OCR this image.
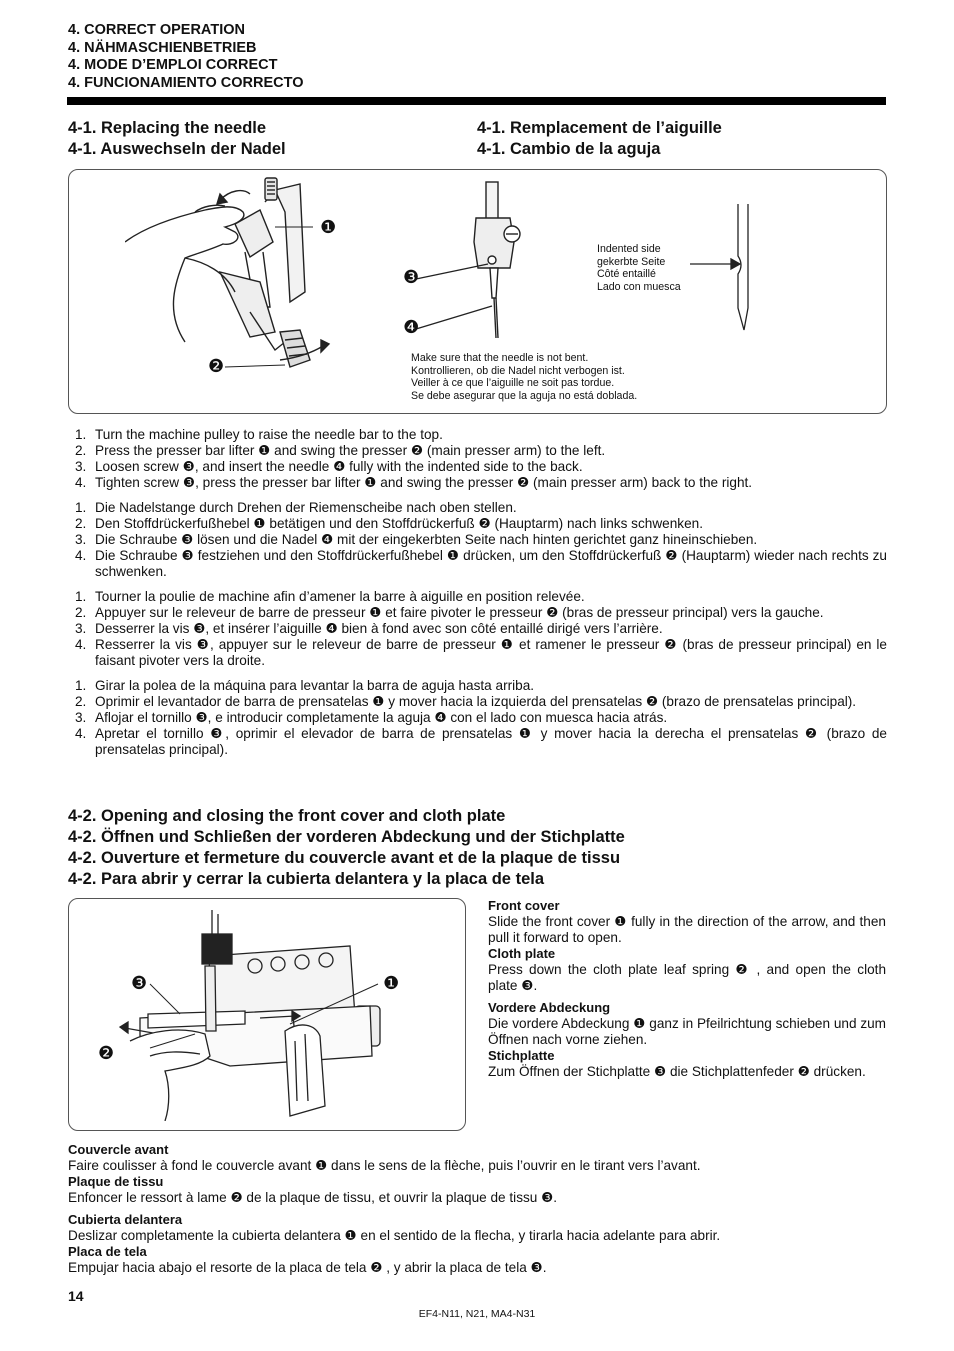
4. CORRECT OPERATION
4. NÄHMASCHIENBETRIEB
4. MODE D’EMPLOI CORRECT
4. FUNCIONAMIENTO CORRECTO
4-1. Replacing the needle
4-1. Auswechseln der Nadel
4-1. Remplacement de l’aiguille
4-1. Cambio de la aguja
❶
❷
❸
❹
Indented side
gekerbte Seite
Côté entaillé
Lado con muesca
Make sure that the needle is not bent.
Kontrollieren, ob die Nadel nicht verbogen ist.
Veiller à ce que l’aiguille ne soit pas tordue.
Se debe asegurar que la aguja no está doblada.
1. Turn the machine pulley to raise the needle bar to the top.
2. Press the presser bar lifter ❶ and swing the presser ❷ (main presser arm) to the left.
3. Loosen screw ❸, and insert the needle ❹ fully with the indented side to the back.
4. Tighten screw ❸, press the presser bar lifter ❶ and swing the presser ❷ (main presser arm) back to the right.
1. Die Nadelstange durch Drehen der Riemenscheibe nach oben stellen.
2. Den Stoffdrückerfußhebel ❶ betätigen und den Stoffdrückerfuß ❷ (Hauptarm) nach links schwenken.
3. Die Schraube ❸ lösen und die Nadel ❹ mit der eingekerbten Seite nach hinten gerichtet ganz hineinschieben.
4. Die Schraube ❸ festziehen und den Stoffdrückerfußhebel ❶ drücken, um den Stoffdrückerfuß ❷ (Hauptarm) wieder nach rechts zu schwenken.
1. Tourner la poulie de machine afin d’amener la barre à aiguille en position relevée.
2. Appuyer sur le releveur de barre de presseur ❶ et faire pivoter le presseur ❷ (bras de presseur principal) vers la gauche.
3. Desserrer la vis ❸, et insérer l’aiguille ❹ bien à fond avec son côté entaillé dirigé vers l’arrière.
4. Resserrer la vis ❸, appuyer sur le releveur de barre de presseur ❶ et ramener le presseur ❷ (bras de presseur principal) en le faisant pivoter vers la droite.
1. Girar la polea de la máquina para levantar la barra de aguja hasta arriba.
2. Oprimir el levantador de barra de prensatelas ❶ y mover hacia la izquierda del prensatelas ❷ (brazo de prensatelas principal).
3. Aflojar el tornillo ❸, e introducir completamente la aguja ❹ con el lado con muesca hacia atrás.
4. Apretar el tornillo ❸, oprimir el elevador de barra de prensatelas ❶ y mover hacia la derecha el prensatelas ❷ (brazo de prensatelas principal).
4-2. Opening and closing the front cover and cloth plate
4-2. Öffnen und Schließen der vorderen Abdeckung und der Stichplatte
4-2. Ouverture et fermeture du couvercle avant et de la plaque de tissu
4-2. Para abrir y cerrar la cubierta delantera y la placa de tela
❸
❷
❶
Front cover
Slide the front cover ❶ fully in the direction of the arrow, and then pull it forward to open.
Cloth plate
Press down the cloth plate leaf spring ❷ , and open the cloth plate ❸.
Vordere Abdeckung
Die vordere Abdeckung ❶ ganz in Pfeilrichtung schieben und zum Öffnen nach vorne ziehen.
Stichplatte
Zum Öffnen der Stichplatte ❸ die Stichplattenfeder ❷ drücken.
Couvercle avant
Faire coulisser à fond le couvercle avant ❶ dans le sens de la flèche, puis l’ouvrir en le tirant vers l’avant.
Plaque de tissu
Enfoncer le ressort à lame ❷ de la plaque de tissu, et ouvrir la plaque de tissu ❸.
Cubierta delantera
Deslizar completamente la cubierta delantera ❶ en el sentido de la flecha, y tirarla hacia adelante para abrir.
Placa de tela
Empujar hacia abajo el resorte de la placa de tela ❷ , y abrir la placa de tela ❸.
14
EF4-N11, N21, MA4-N31
